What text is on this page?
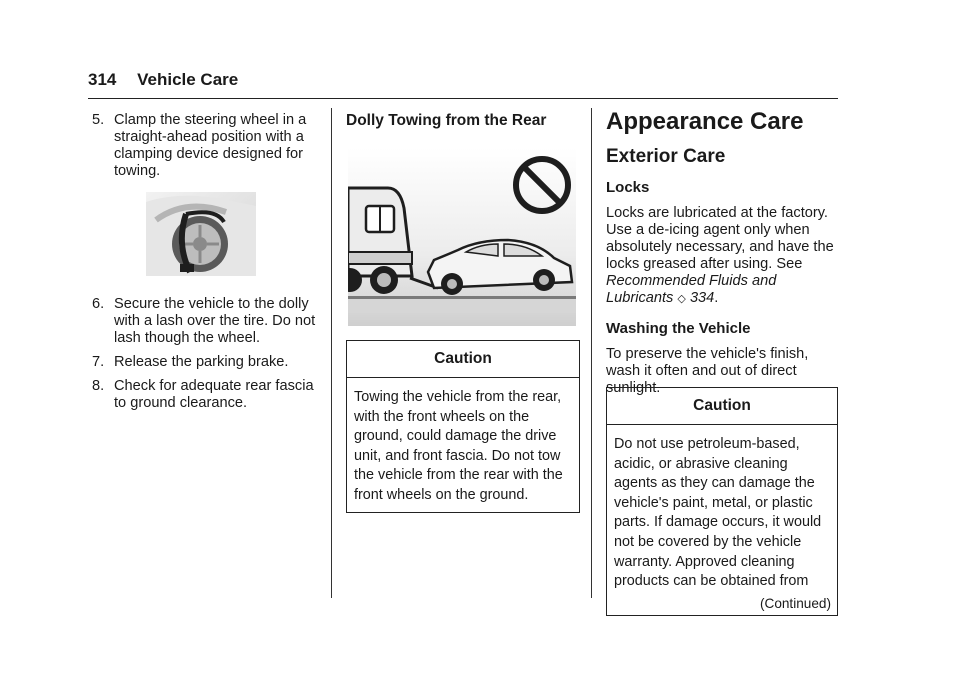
314 Vehicle Care
5. Clamp the steering wheel in a straight-ahead position with a clamping device designed for towing.
6. Secure the vehicle to the dolly with a lash over the tire. Do not lash though the wheel.
7. Release the parking brake.
8. Check for adequate rear fascia to ground clearance.
Dolly Towing from the Rear
Caution
Towing the vehicle from the rear, with the front wheels on the ground, could damage the drive unit, and front fascia. Do not tow the vehicle from the rear with the front wheels on the ground.
Appearance Care
Exterior Care
Locks

Locks are lubricated at the factory. Use a de-icing agent only when absolutely necessary, and have the locks greased after using. See Recommended Fluids and Lubricants ◇ 334.

Washing the Vehicle

To preserve the vehicle's finish, wash it often and out of direct sunlight.

Caution
Do not use petroleum-based, acidic, or abrasive cleaning agents as they can damage the vehicle's paint, metal, or plastic parts. If damage occurs, it would not be covered by the vehicle warranty. Approved cleaning products can be obtained from
(Continued)
